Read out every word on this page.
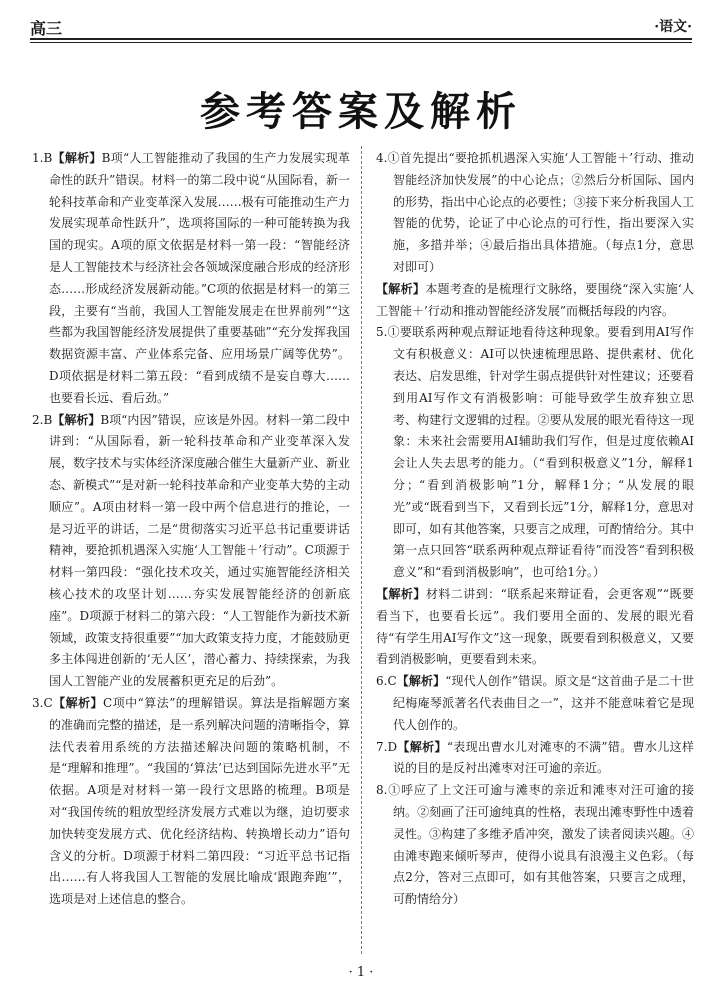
高三	·语文·
参考答案及解析

1.B【解析】B项“人工智能推动了我国的生产力发展实现革命性的跃升”错误。材料一的第二段中说“从国际看，新一轮科技革命和产业变革深入发展……极有可能推动生产力发展实现革命性跃升”，选项将国际的一种可能转换为我国的现实。A项的原文依据是材料一第一段：“智能经济是人工智能技术与经济社会各领域深度融合形成的经济形态……形成经济发展新动能。”C项的依据是材料一的第三段，主要有“当前，我国人工智能发展走在世界前列”“这些都为我国智能经济发展提供了重要基础”“充分发挥我国数据资源丰富、产业体系完备、应用场景广阔等优势”。D项依据是材料二第五段：“看到成绩不是妄自尊大……也要看长远、看后劲。”

2.B【解析】B项“内因”错误，应该是外因。材料一第二段中讲到：“从国际看，新一轮科技革命和产业变革深入发展，数字技术与实体经济深度融合催生大量新产业、新业态、新模式”“是对新一轮科技革命和产业变革大势的主动顺应”。A项由材料一第一段中两个信息进行的推论，一是习近平的讲话，二是“贯彻落实习近平总书记重要讲话精神，要抢抓机遇深入实施‘人工智能＋’行动”。C项源于材料一第四段：“强化技术攻关，通过实施智能经济相关核心技术的攻坚计划……夯实发展智能经济的创新底座”。D项源于材料二的第六段：“人工智能作为新技术新领域，政策支持很重要”“加大政策支持力度，才能鼓励更多主体闯进创新的‘无人区’，潜心蓄力、持续探索，为我国人工智能产业的发展蓄积更充足的后劲”。

3.C【解析】C项中“算法”的理解错误。算法是指解题方案的准确而完整的描述，是一系列解决问题的清晰指令，算法代表着用系统的方法描述解决问题的策略机制，不是“理解和推理”。“我国的‘算法’已达到国际先进水平”无依据。A项是对材料一第一段行文思路的梳理。B项是对“我国传统的粗放型经济发展方式难以为继，迫切要求加快转变发展方式、优化经济结构、转换增长动力”语句含义的分析。D项源于材料二第四段：“习近平总书记指出……有人将我国人工智能的发展比喻成‘跟跑奔跑’”，选项是对上述信息的整合。

4.①首先提出“要抢抓机遇深入实施‘人工智能＋’行动、推动智能经济加快发展”的中心论点；②然后分析国际、国内的形势，指出中心论点的必要性；③接下来分析我国人工智能的优势，论证了中心论点的可行性，指出要深入实施，多措并举；④最后指出具体措施。（每点1分，意思对即可）

【解析】本题考查的是梳理行文脉络，要围绕“深入实施‘人工智能＋’行动和推动智能经济发展”而概括每段的内容。

5.①要联系两种观点辩证地看待这种现象。要看到用AI写作文有积极意义：AI可以快速梳理思路、提供素材、优化表达、启发思维，针对学生弱点提供针对性建议；还要看到用AI写作文有消极影响：可能导致学生放弃独立思考、构建行文逻辑的过程。②要从发展的眼光看待这一现象：未来社会需要用AI辅助我们写作，但是过度依赖AI会让人失去思考的能力。（“看到积极意义”1分，解释1分；“看到消极影响”1分，解释1分；“从发展的眼光”或“既看到当下，又看到长远”1分，解释1分，意思对即可，如有其他答案，只要言之成理，可酌情给分。其中第一点只回答“联系两种观点辩证看待”而没答“看到积极意义”和“看到消极影响”，也可给1分。）

【解析】材料二讲到：“联系起来辩证看，会更客观”“既要看当下，也要看长远”。我们要用全面的、发展的眼光看待“有学生用AI写作文”这一现象，既要看到积极意义，又要看到消极影响，更要看到未来。

6.C【解析】“现代人创作”错误。原文是“这首曲子是二十世纪梅庵琴派著名代表曲目之一”，这并不能意味着它是现代人创作的。

7.D【解析】“表现出曹水儿对滩枣的不满”错。曹水儿这样说的目的是反衬出滩枣对汪可逾的亲近。

8.①呼应了上文汪可逾与滩枣的亲近和滩枣对汪可逾的接纳。②刻画了汪可逾纯真的性格，表现出滩枣野性中透着灵性。③构建了多维矛盾冲突，激发了读者阅读兴趣。④由滩枣跑来倾听琴声，使得小说具有浪漫主义色彩。（每点2分，答对三点即可，如有其他答案，只要言之成理，可酌情给分）

· 1 ·
